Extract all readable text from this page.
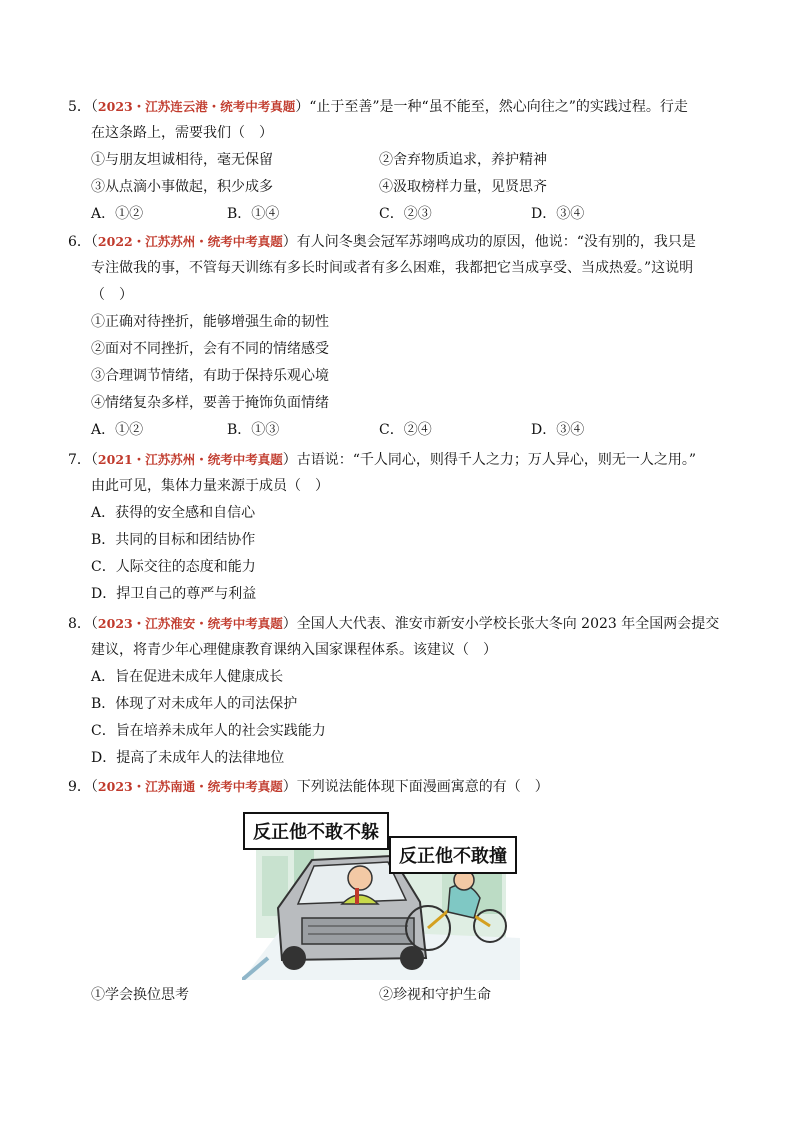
5．（2023・江苏连云港・统考中考真题）“止于至善”是一种“虽不能至，然心向往之”的实践过程。行走
在这条路上，需要我们（　）
①与朋友坦诚相待，毫无保留	②舍弃物质追求，养护精神
③从点滴小事做起，积少成多	④汲取榜样力量，见贤思齐
A．①②	B．①④	C．②③	D．③④
6．（2022・江苏苏州・统考中考真题）有人问冬奥会冠军苏翊鸣成功的原因，他说：“没有别的，我只是
专注做我的事，不管每天训练有多长时间或者有多么困难，我都把它当成享受、当成热爱。”这说明
（　）
①正确对待挫折，能够增强生命的韧性
②面对不同挫折，会有不同的情绪感受
③合理调节情绪，有助于保持乐观心境
④情绪复杂多样，要善于掩饰负面情绪
A．①②	B．①③	C．②④	D．③④
7．（2021・江苏苏州・统考中考真题）古语说：“千人同心，则得千人之力；万人异心，则无一人之用。”
由此可见，集体力量来源于成员（　）
A．获得的安全感和自信心
B．共同的目标和团结协作
C．人际交往的态度和能力
D．捍卫自己的尊严与利益
8．（2023・江苏淮安・统考中考真题）全国人大代表、淮安市新安小学校长张大冬向 2023 年全国两会提交
建议，将青少年心理健康教育课纳入国家课程体系。该建议（　）
A．旨在促进未成年人健康成长
B．体现了对未成年人的司法保护
C．旨在培养未成年人的社会实践能力
D．提高了未成年人的法律地位
9．（2023・江苏南通・统考中考真题）下列说法能体现下面漫画寓意的有（　）
反正他不敢不躲
反正他不敢撞
①学会换位思考	②珍视和守护生命
